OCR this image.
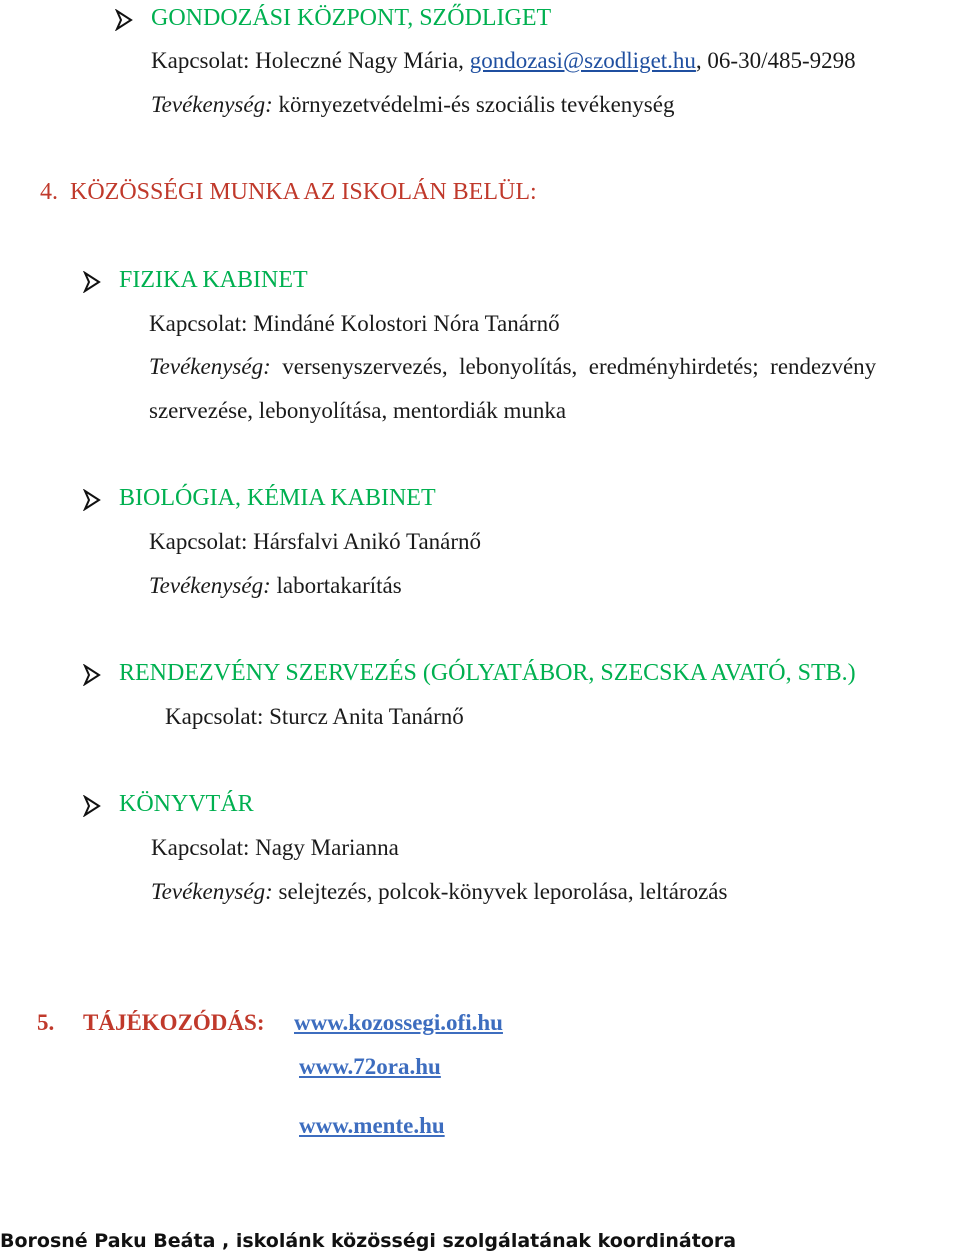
GONDOZÁSI KÖZPONT, SZŐDLIGET
Kapcsolat: Holeczné Nagy Mária, gondozasi@szodliget.hu, 06-30/485-9298
Tevékenység: környezetvédelmi-és szociális tevékenység
4.  KÖZÖSSÉGI MUNKA AZ ISKOLÁN BELÜL:
FIZIKA KABINET
Kapcsolat: Mindáné Kolostori Nóra Tanárnő
Tevékenység: versenyszervezés,  lebonyolítás,  eredményhirdetés;  rendezvény
szervezése, lebonyolítása, mentordiák munka
BIOLÓGIA, KÉMIA KABINET
Kapcsolat: Hársfalvi Anikó Tanárnő
Tevékenység: labortakarítás
RENDEZVÉNY SZERVEZÉS (GÓLYATÁBOR, SZECSKA AVATÓ, STB.)
Kapcsolat: Sturcz Anita Tanárnő
KÖNYVTÁR
Kapcsolat: Nagy Marianna
Tevékenység: selejtezés, polcok-könyvek leporolása, leltározás
5. TÁJÉKOZÓDÁS: www.kozossegi.ofi.hu
www.72ora.hu
www.mente.hu
Borosné Paku Beáta , iskolánk közösségi szolgálatának koordinátora
